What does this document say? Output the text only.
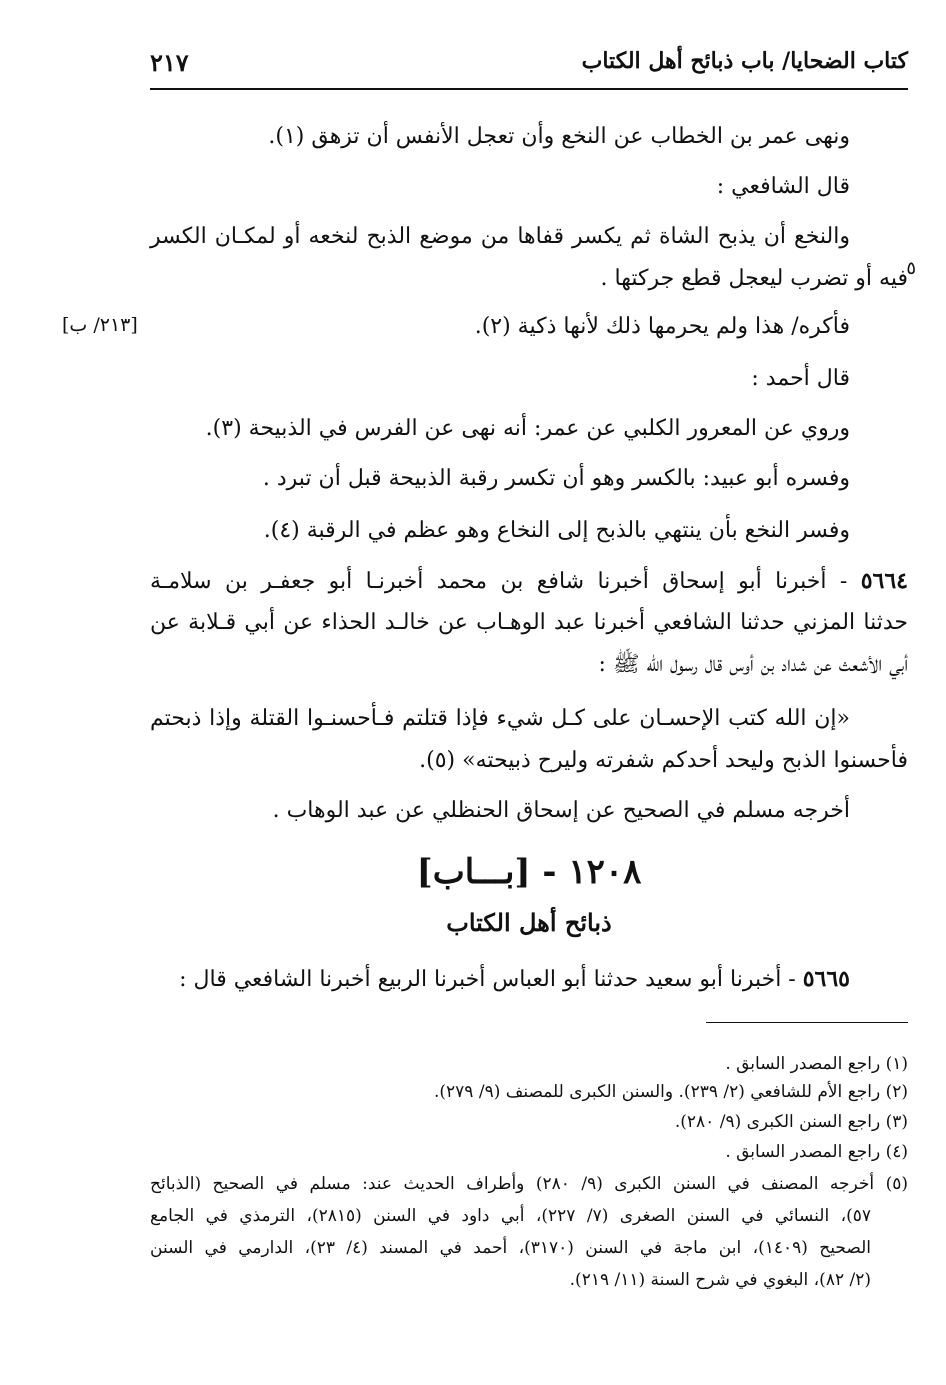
كتاب الضحايا/ باب ذبائح أهل الكتاب
٢١٧
ونهى عمر بن الخطاب عن النخع وأن تعجل الأنفس أن تزهق (١).
قال الشافعي :
والنخع أن يذبح الشاة ثم يكسر قفاها من موضع الذبح لنخعه أو لمكـان الكسر
فيه أو تضرب ليعجل قطع جركتها .
٥
فأكره/ هذا ولم يحرمها ذلك لأنها ذكية (٢).
[٢١٣/ ب]
قال أحمد :
وروي عن المعرور الكلبي عن عمر: أنه نهى عن الفرس في الذبيحة (٣).
وفسره أبو عبيد: بالكسر وهو أن تكسر رقبة الذبيحة قبل أن تبرد .
وفسر النخع بأن ينتهي بالذبح إلى النخاع وهو عظم في الرقبة (٤).
٥٦٦٤ - أخبرنا أبو إسحاق أخبرنا شافع بن محمد أخبرنـا أبو جعفـر بن سلامـة
حدثنا المزني حدثنا الشافعي أخبرنا عبد الوهـاب عن خالـد الحذاء عن أبي قـلابة عن
أبي الأشعث عن شداد بن أوس قال رسول الله ﷺ :
«إن الله كتب الإحسـان على كـل شيء فإذا قتلتم فـأحسنـوا القتلة وإذا ذبحتم
فأحسنوا الذبح وليحد أحدكم شفرته وليرح ذبيحته» (٥).
أخرجه مسلم في الصحيح عن إسحاق الحنظلي عن عبد الوهاب .
١٢٠٨ - [بـــاب]
ذبائح أهل الكتاب
٥٦٦٥ - أخبرنا أبو سعيد حدثنا أبو العباس أخبرنا الربيع أخبرنا الشافعي قال :
(١) راجع المصدر السابق .
(٢) راجع الأم للشافعي (٢/ ٢٣٩). والسنن الكبرى للمصنف (٩/ ٢٧٩).
(٣) راجع السنن الكبرى (٩/ ٢٨٠).
(٤) راجع المصدر السابق .
(٥) أخرجه المصنف في السنن الكبرى (٩/ ٢٨٠) وأطراف الحديث عند: مسلم في الصحيح (الذبائح
٥٧)، النسائي في السنن الصغرى (٧/ ٢٢٧)، أبي داود في السنن (٢٨١٥)، الترمذي في الجامع
الصحيح (١٤٠٩)، ابن ماجة في السنن (٣١٧٠)، أحمد في المسند (٤/ ٢٣)، الدارمي في السنن
(٢/ ٨٢)، البغوي في شرح السنة (١١/ ٢١٩).
